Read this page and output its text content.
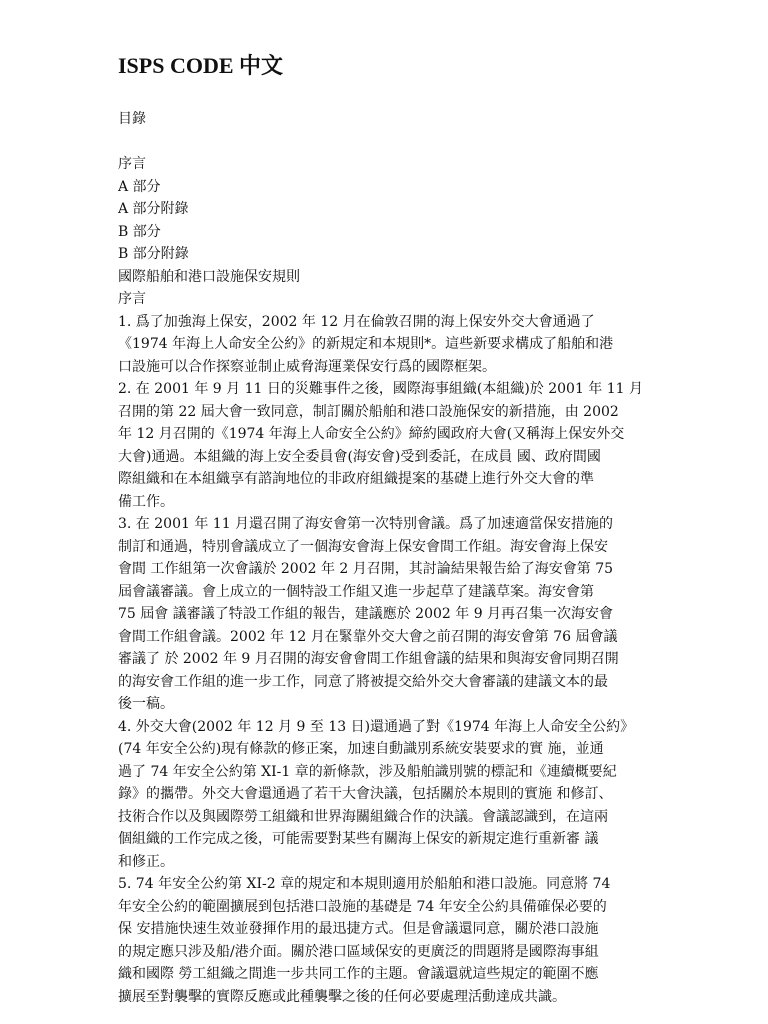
ISPS CODE 中文
目錄
序言
A 部分
A 部分附錄
B 部分
B 部分附錄
國際船舶和港口設施保安規則
序言
1. 爲了加強海上保安，2002 年 12 月在倫敦召開的海上保安外交大會通過了
《1974 年海上人命安全公約》的新規定和本規則*。這些新要求構成了船舶和港
口設施可以合作探察並制止威脅海運業保安行爲的國際框架。
2. 在 2001 年 9 月 11 日的災難事件之後，國際海事組織(本組織)於 2001 年 11 月
召開的第 22 屆大會一致同意，制訂關於船舶和港口設施保安的新措施，由 2002
年 12 月召開的《1974 年海上人命安全公約》締約國政府大會(又稱海上保安外交
大會)通過。本組織的海上安全委員會(海安會)受到委託，在成員 國、政府間國
際組織和在本組織享有諮詢地位的非政府組織提案的基礎上進行外交大會的準
備工作。
3. 在 2001 年 11 月還召開了海安會第一次特別會議。爲了加速適當保安措施的
制訂和通過，特別會議成立了一個海安會海上保安會間工作組。海安會海上保安
會間 工作組第一次會議於 2002 年 2 月召開，其討論結果報告給了海安會第 75
屆會議審議。會上成立的一個特設工作組又進一步起草了建議草案。海安會第
75 屆會 議審議了特設工作組的報告，建議應於 2002 年 9 月再召集一次海安會
會間工作組會議。2002 年 12 月在緊靠外交大會之前召開的海安會第 76 屆會議
審議了 於 2002 年 9 月召開的海安會會間工作組會議的結果和與海安會同期召開
的海安會工作組的進一步工作，同意了將被提交給外交大會審議的建議文本的最
後一稿。
4. 外交大會(2002 年 12 月 9 至 13 日)還通過了對《1974 年海上人命安全公約》
(74 年安全公約)現有條款的修正案，加速自動識別系統安裝要求的實 施，並通
過了 74 年安全公約第 XI-1 章的新條款，涉及船舶識別號的標記和《連續概要紀
錄》的攜帶。外交大會還通過了若干大會決議，包括關於本規則的實施 和修訂、
技術合作以及與國際勞工組織和世界海關組織合作的決議。會議認識到，在這兩
個組織的工作完成之後，可能需要對某些有關海上保安的新規定進行重新審 議
和修正。
5. 74 年安全公約第 XI-2 章的規定和本規則適用於船舶和港口設施。同意將 74
年安全公約的範圍擴展到包括港口設施的基礎是 74 年安全公約具備確保必要的
保 安措施快速生效並發揮作用的最迅捷方式。但是會議還同意，關於港口設施
的規定應只涉及船/港介面。關於港口區域保安的更廣泛的問題將是國際海事組
織和國際 勞工組織之間進一步共同工作的主題。會議還就這些規定的範圍不應
擴展至對襲擊的實際反應或此種襲擊之後的任何必要處理活動達成共識。
